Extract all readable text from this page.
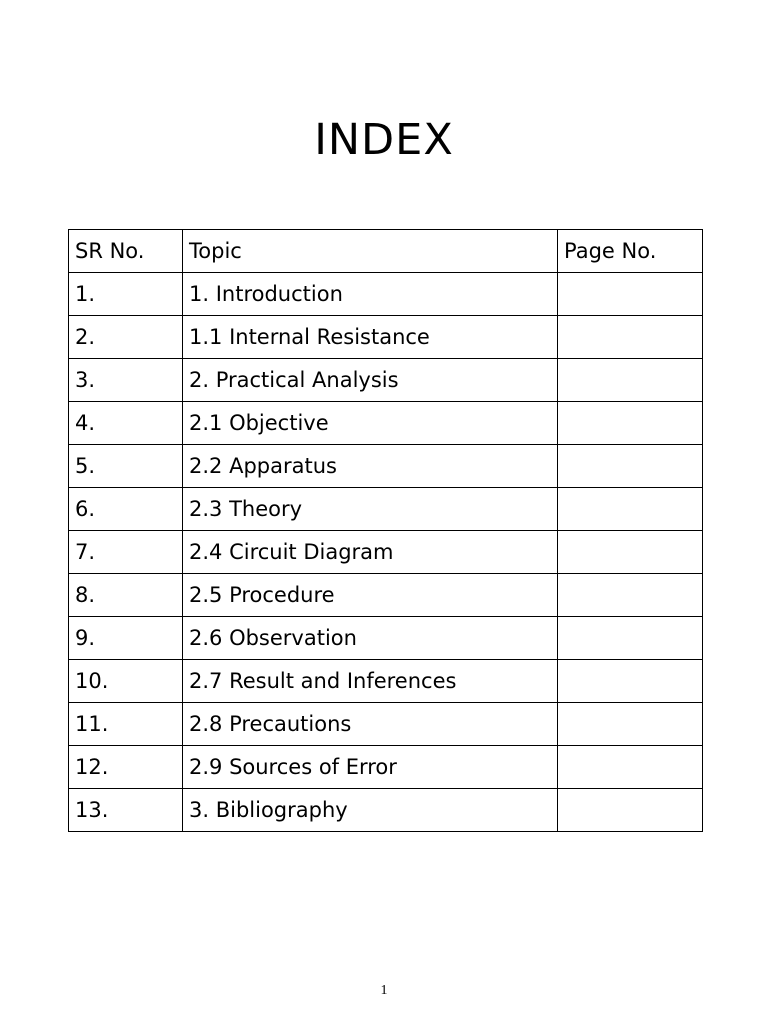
INDEX
SR No.	Topic	Page No.
1.	1. Introduction	
2.	1.1 Internal Resistance	
3.	2. Practical Analysis	
4.	2.1 Objective	
5.	2.2 Apparatus	
6.	2.3 Theory	
7.	2.4 Circuit Diagram	
8.	2.5 Procedure	
9.	2.6 Observation	
10.	2.7 Result and Inferences	
11.	2.8 Precautions	
12.	2.9 Sources of Error	
13.	3. Bibliography	
1
